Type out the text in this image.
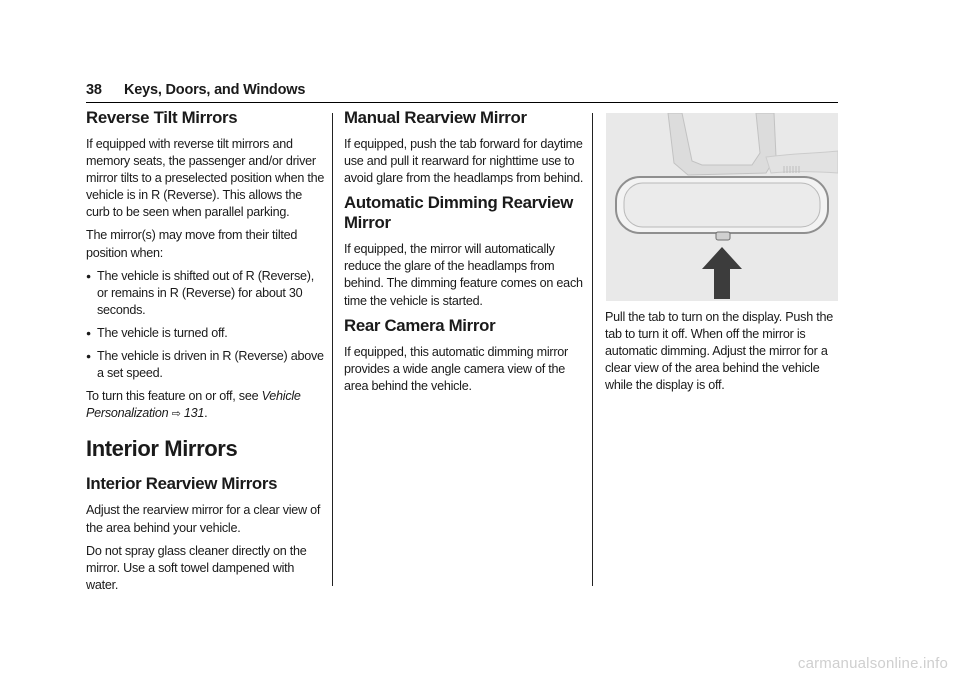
38 Keys, Doors, and Windows
Reverse Tilt Mirrors

If equipped with reverse tilt mirrors and memory seats, the passenger and/or driver mirror tilts to a preselected position when the vehicle is in R (Reverse). This allows the curb to be seen when parallel parking.

The mirror(s) may move from their tilted position when:

● The vehicle is shifted out of R (Reverse), or remains in R (Reverse) for about 30 seconds.
● The vehicle is turned off.
● The vehicle is driven in R (Reverse) above a set speed.

To turn this feature on or off, see Vehicle Personalization ⇨ 131.

Interior Mirrors
Interior Rearview Mirrors

Adjust the rearview mirror for a clear view of the area behind your vehicle.

Do not spray glass cleaner directly on the mirror. Use a soft towel dampened with water.

Manual Rearview Mirror

If equipped, push the tab forward for daytime use and pull it rearward for nighttime use to avoid glare from the headlamps from behind.

Automatic Dimming Rearview Mirror

If equipped, the mirror will automatically reduce the glare of the headlamps from behind. The dimming feature comes on each time the vehicle is started.

Rear Camera Mirror

If equipped, this automatic dimming mirror provides a wide angle camera view of the area behind the vehicle.

Pull the tab to turn on the display. Push the tab to turn it off. When off the mirror is automatic dimming. Adjust the mirror for a clear view of the area behind the vehicle while the display is off.

carmanualsonline.info
